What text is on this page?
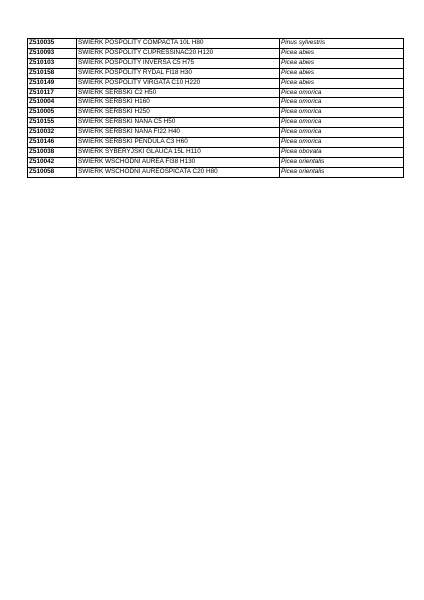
Z510035	ŚWIERK POSPOLITY COMPACTA 10L H80	Pinus sylvestris
Z510093	ŚWIERK POSPOLITY CUPRESSINAC20 H120	Picea abies
Z510103	ŚWIERK POSPOLITY INVERSA C5 H75	Picea abies
Z510158	ŚWIERK POSPOLITY RYDAL FI18 H30	Picea abies
Z510149	ŚWIERK POSPOLITY VIRGATA C10 H220	Picea abies
Z510117	ŚWIERK SERBSKI C2 H50	Picea omorica
Z510004	ŚWIERK SERBSKI H160	Picea omorica
Z510005	ŚWIERK SERBSKI H250	Picea omorica
Z510155	ŚWIERK SERBSKI NANA C5 H50	Picea omorica
Z510032	ŚWIERK SERBSKI NANA FI22 H40	Picea omorica
Z510146	ŚWIERK SERBSKI PENDULA C3 H60	Picea omorica
Z510038	ŚWIERK SYBERYJSKI GLAUCA 15L H110	Picea obovata
Z510042	ŚWIERK WSCHODNI AUREA FI38 H130	Picea orientalis
Z510058	ŚWIERK WSCHODNI AUREOSPICATA C20 H80	Picea orientalis
